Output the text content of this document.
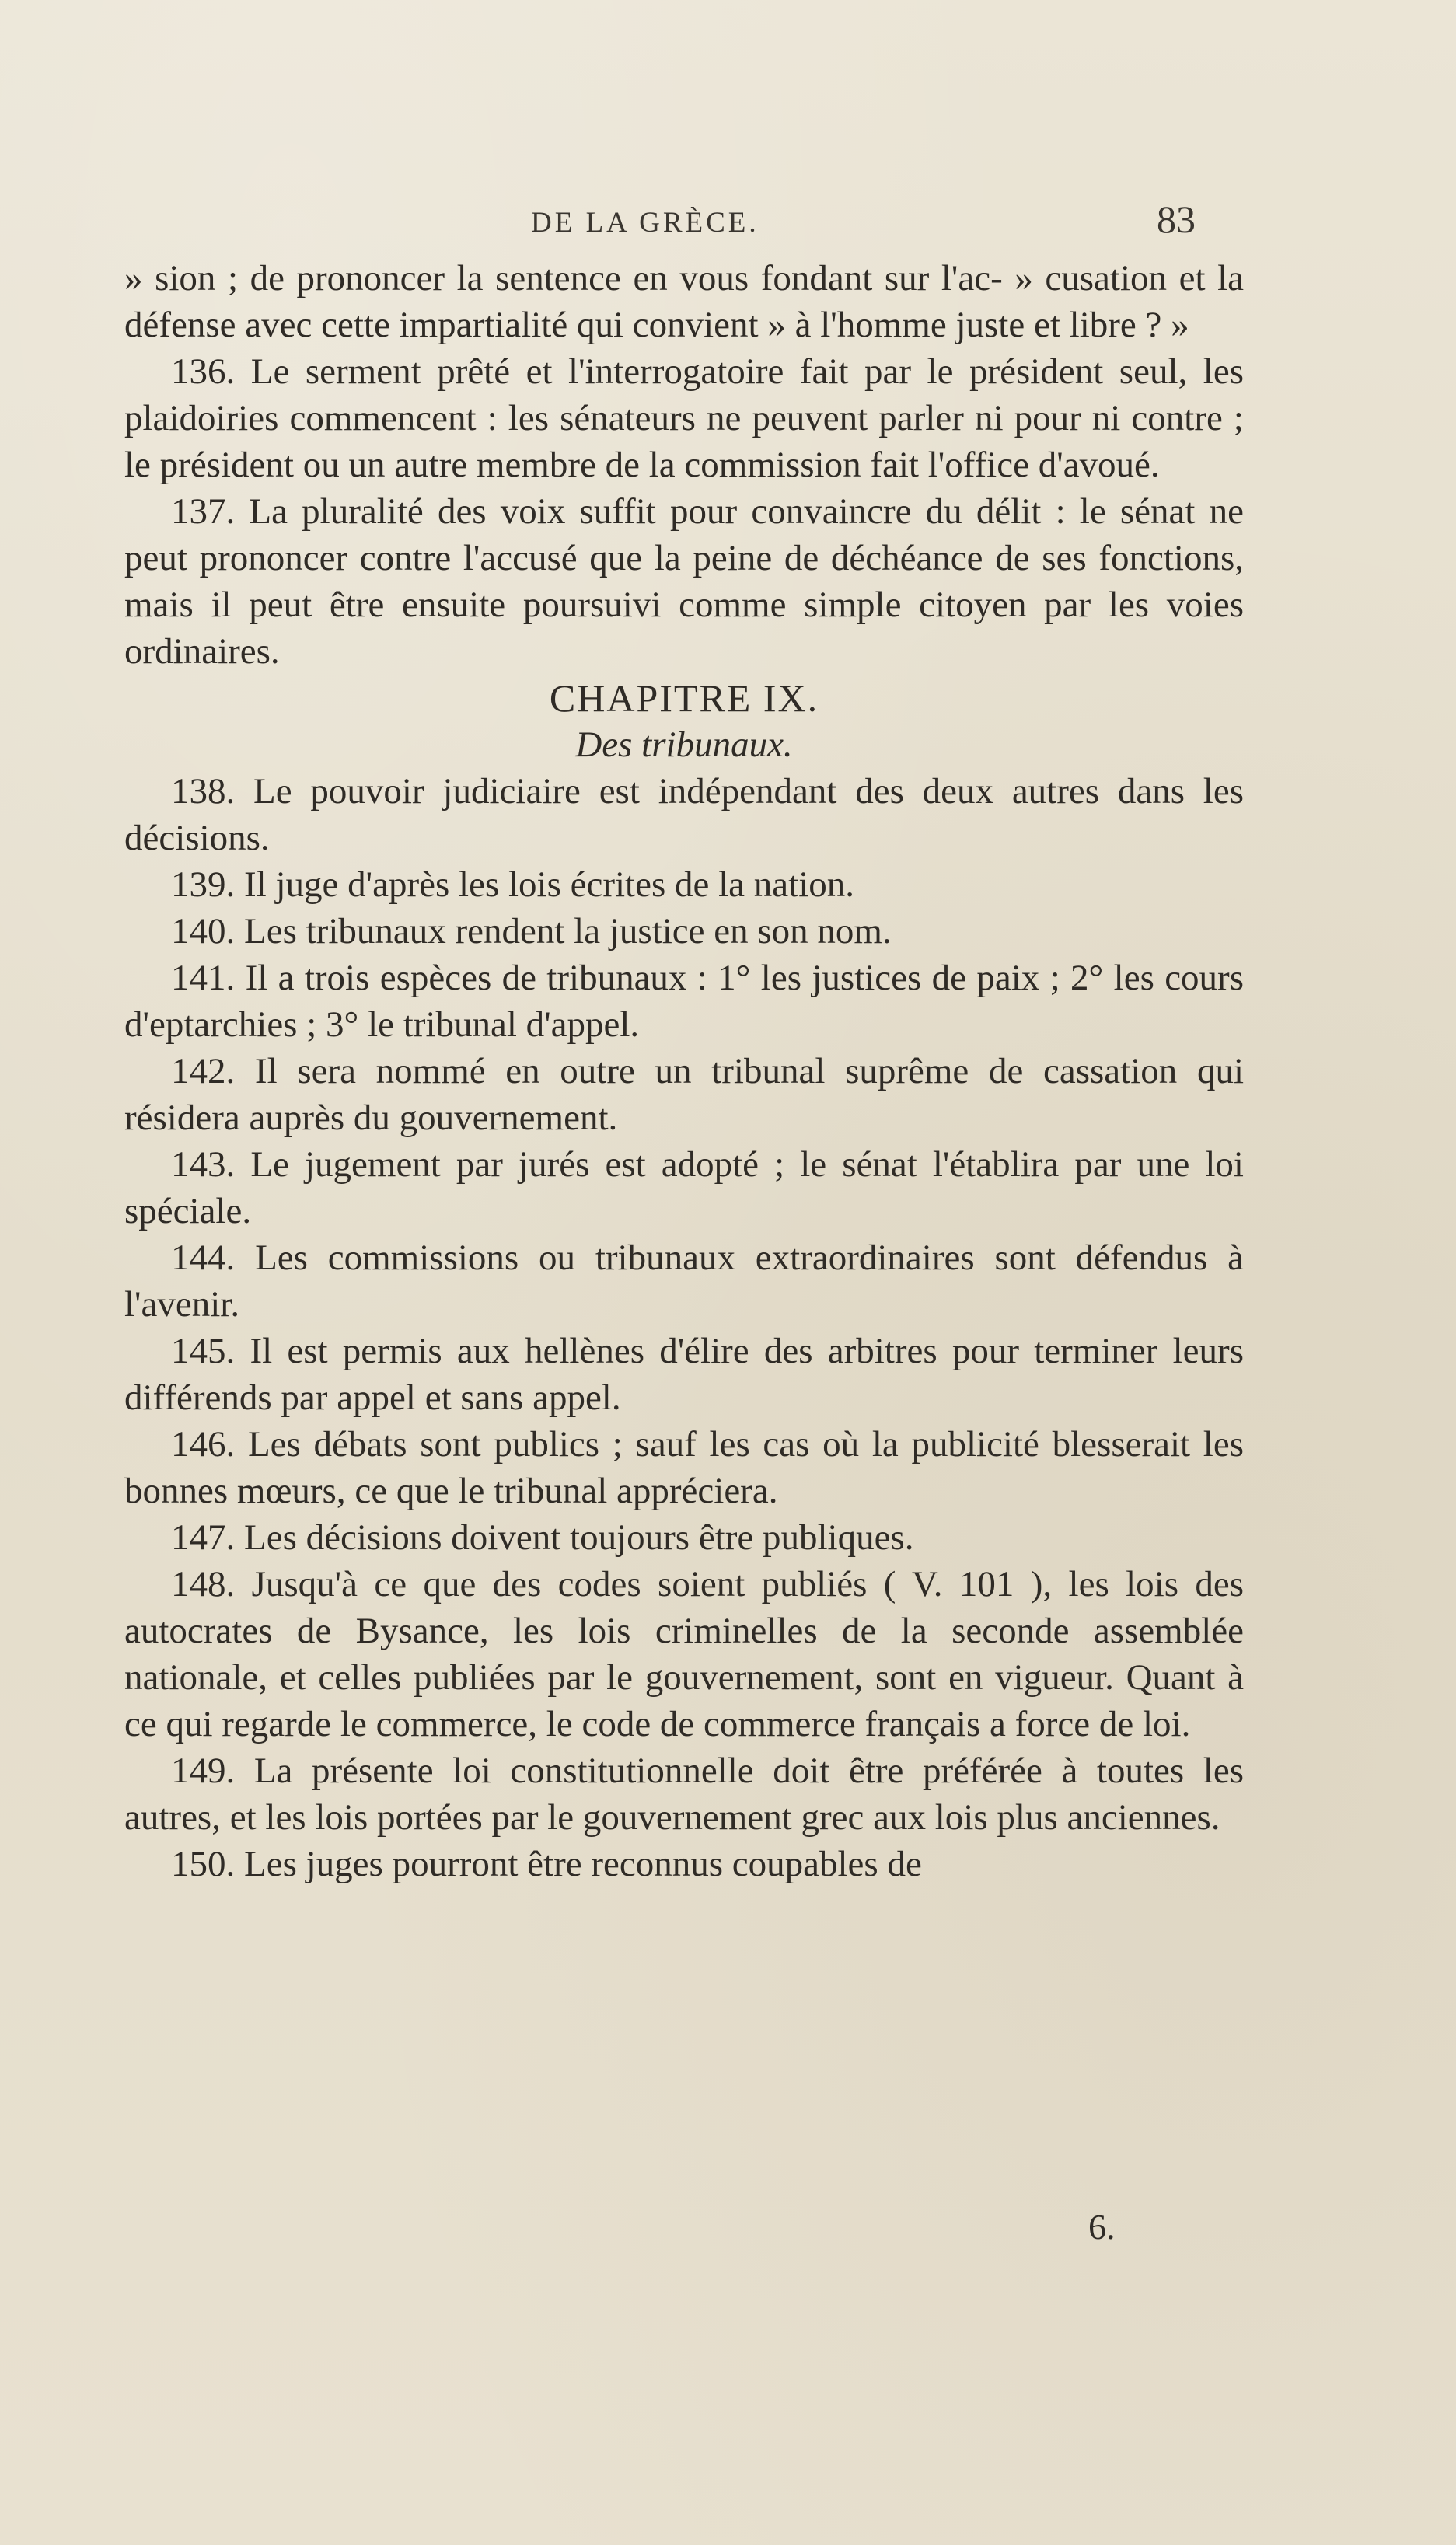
DE LA GRÈCE.	83

» sion ; de prononcer la sentence en vous fondant sur l'ac- » cusation et la défense avec cette impartialité qui convient » à l'homme juste et libre ? »

136. Le serment prêté et l'interrogatoire fait par le président seul, les plaidoiries commencent : les sénateurs ne peuvent parler ni pour ni contre ; le président ou un autre membre de la commission fait l'office d'avoué.

137. La pluralité des voix suffit pour convaincre du délit : le sénat ne peut prononcer contre l'accusé que la peine de déchéance de ses fonctions, mais il peut être ensuite poursuivi comme simple citoyen par les voies ordinaires.

CHAPITRE IX.

Des tribunaux.

138. Le pouvoir judiciaire est indépendant des deux autres dans les décisions.

139. Il juge d'après les lois écrites de la nation.

140. Les tribunaux rendent la justice en son nom.

141. Il a trois espèces de tribunaux : 1° les justices de paix ; 2° les cours d'eptarchies ; 3° le tribunal d'appel.

142. Il sera nommé en outre un tribunal suprême de cassation qui résidera auprès du gouvernement.

143. Le jugement par jurés est adopté ; le sénat l'établira par une loi spéciale.

144. Les commissions ou tribunaux extraordinaires sont défendus à l'avenir.

145. Il est permis aux hellènes d'élire des arbitres pour terminer leurs différends par appel et sans appel.

146. Les débats sont publics ; sauf les cas où la publicité blesserait les bonnes mœurs, ce que le tribunal appréciera.

147. Les décisions doivent toujours être publiques.

148. Jusqu'à ce que des codes soient publiés ( V. 101 ), les lois des autocrates de Bysance, les lois criminelles de la seconde assemblée nationale, et celles publiées par le gouvernement, sont en vigueur. Quant à ce qui regarde le commerce, le code de commerce français a force de loi.

149. La présente loi constitutionnelle doit être préférée à toutes les autres, et les lois portées par le gouvernement grec aux lois plus anciennes.

150. Les juges pourront être reconnus coupables de

6.
